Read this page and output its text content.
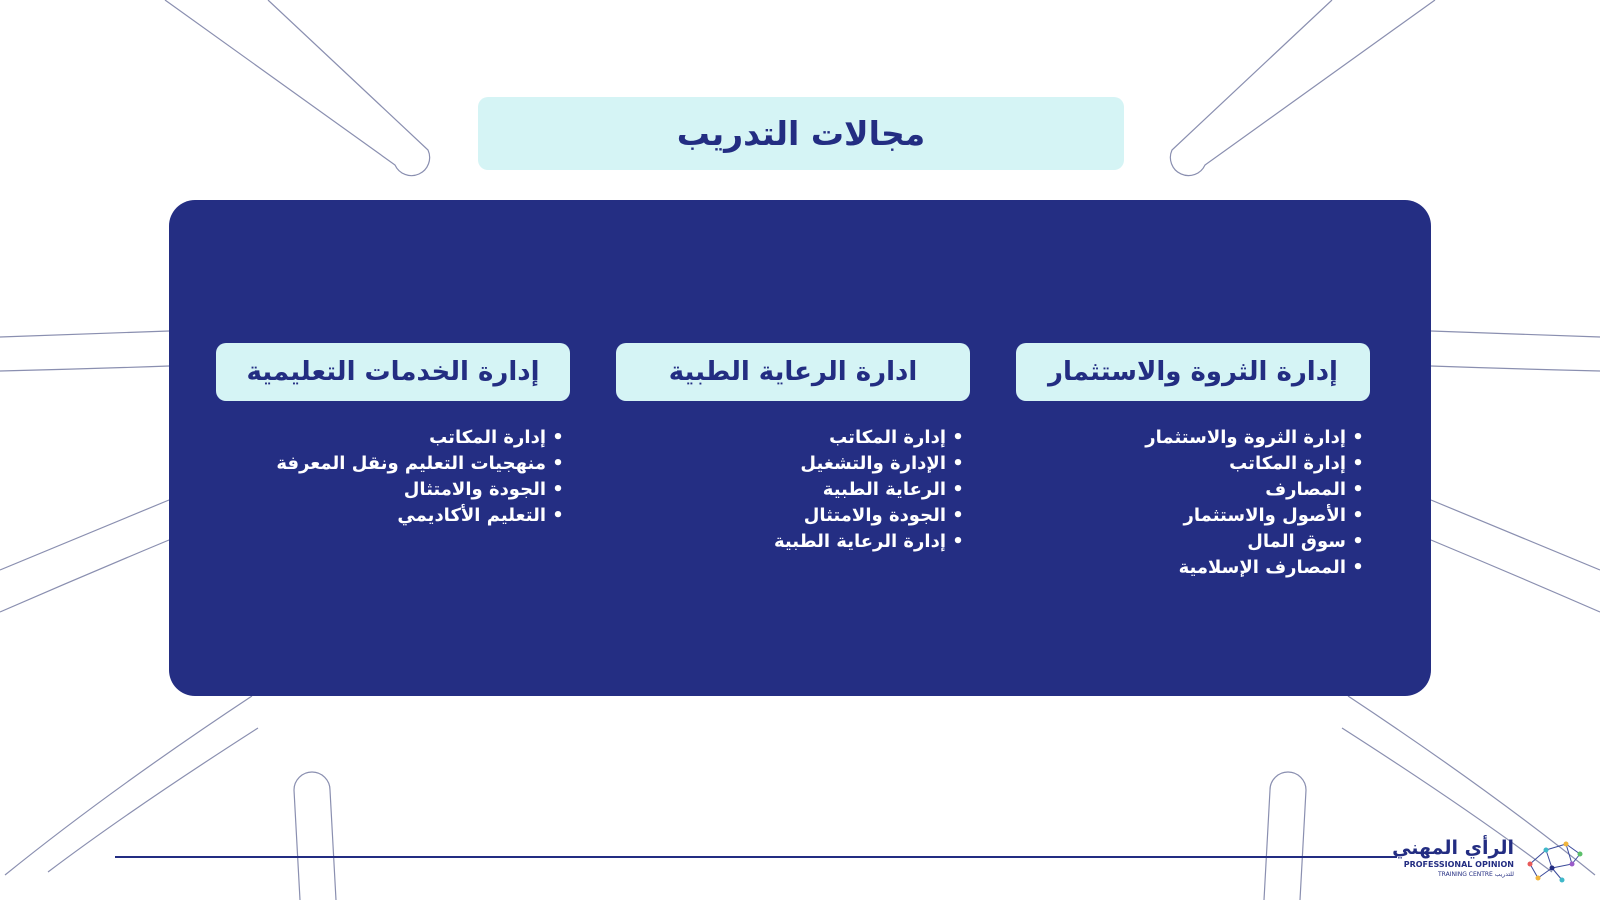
مجالات التدريب
إدارة الثروة والاستثمار
• إدارة الثروة والاستثمار
• إدارة المكاتب
• المصارف
• الأصول والاستثمار
• سوق المال
• المصارف الإسلامية
ادارة الرعاية الطبية
• إدارة المكاتب
• الإدارة والتشغيل
• الرعاية الطبية
• الجودة والامتثال
• إدارة الرعاية الطبية
إدارة الخدمات التعليمية
• إدارة المكاتب
• منهجيات التعليم ونقل المعرفة
• الجودة والامتثال
• التعليم الأكاديمي
الرأي المهني
PROFESSIONAL OPINION
TRAINING CENTRE للتدريب
